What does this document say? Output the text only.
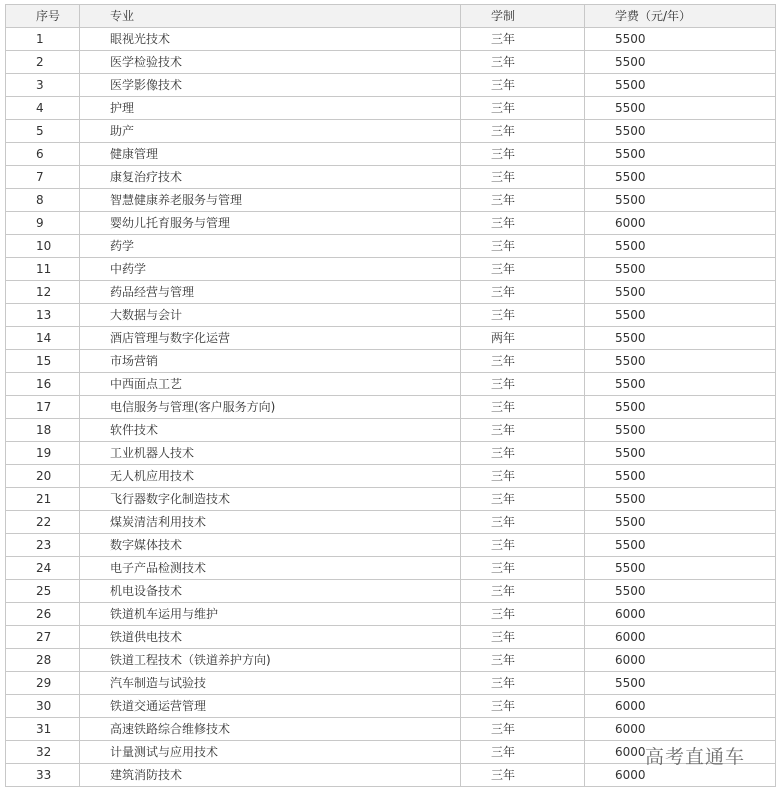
序号	专业	学制	学费（元/年）
1	眼视光技术	三年	5500
2	医学检验技术	三年	5500
3	医学影像技术	三年	5500
4	护理	三年	5500
5	助产	三年	5500
6	健康管理	三年	5500
7	康复治疗技术	三年	5500
8	智慧健康养老服务与管理	三年	5500
9	婴幼儿托育服务与管理	三年	6000
10	药学	三年	5500
11	中药学	三年	5500
12	药品经营与管理	三年	5500
13	大数据与会计	三年	5500
14	酒店管理与数字化运营	两年	5500
15	市场营销	三年	5500
16	中西面点工艺	三年	5500
17	电信服务与管理(客户服务方向)	三年	5500
18	软件技术	三年	5500
19	工业机器人技术	三年	5500
20	无人机应用技术	三年	5500
21	飞行器数字化制造技术	三年	5500
22	煤炭清洁利用技术	三年	5500
23	数字媒体技术	三年	5500
24	电子产品检测技术	三年	5500
25	机电设备技术	三年	5500
26	铁道机车运用与维护	三年	6000
27	铁道供电技术	三年	6000
28	铁道工程技术（铁道养护方向)	三年	6000
29	汽车制造与试验技	三年	5500
30	铁道交通运营管理	三年	6000
31	高速铁路综合维修技术	三年	6000
32	计量测试与应用技术	三年	6000
33	建筑消防技术	三年	6000
高考直通车
